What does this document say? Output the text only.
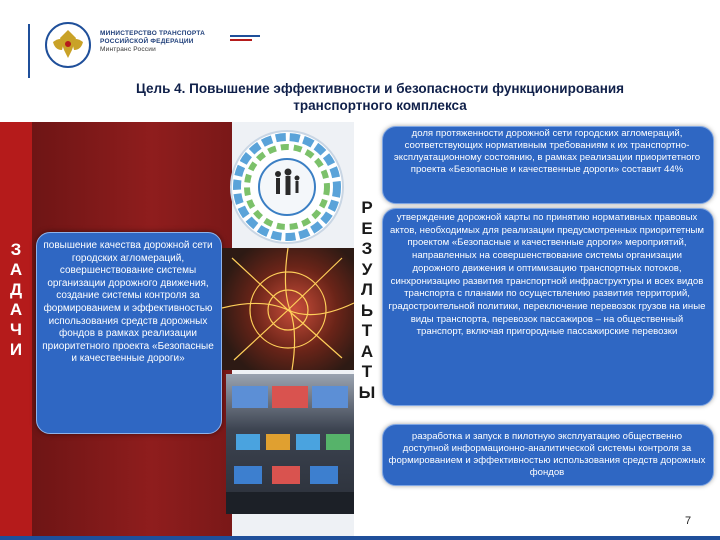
МИНИСТЕРСТВО ТРАНСПОРТА
РОССИЙСКОЙ ФЕДЕРАЦИИ
Минтранс России
Цель 4. Повышение эффективности и безопасности функционирования
транспортного комплекса
З
А
Д
А
Ч
И
повышение качества дорожной сети городских агломераций, совершенствование системы организации дорожного движения, создание системы контроля за формированием и эффективностью использования средств дорожных фондов в рамках реализации приоритетного проекта «Безопасные и качественные дороги»
Р
Е
З
У
Л
Ь
Т
А
Т
Ы
доля протяженности дорожной сети городских агломераций, соответствующих нормативным требованиям к их транспортно-эксплуатационному состоянию, в рамках реализации приоритетного проекта «Безопасные и качественные дороги» составит 44%
утверждение дорожной карты по принятию нормативных правовых актов, необходимых для реализации предусмотренных приоритетным проектом «Безопасные и качественные дороги» мероприятий, направленных на совершенствование системы организации дорожного движения и оптимизацию транспортных потоков, синхронизацию развития транспортной инфраструктуры и всех видов транспорта с планами по осуществлению развития территорий, градостроительной политики, переключение перевозок грузов на иные виды транспорта, перевозок пассажиров – на общественный транспорт, включая пригородные пассажирские перевозки
разработка и запуск в пилотную эксплуатацию общественно доступной информационно-аналитической системы контроля за формированием и эффективностью использования средств дорожных фондов
7
